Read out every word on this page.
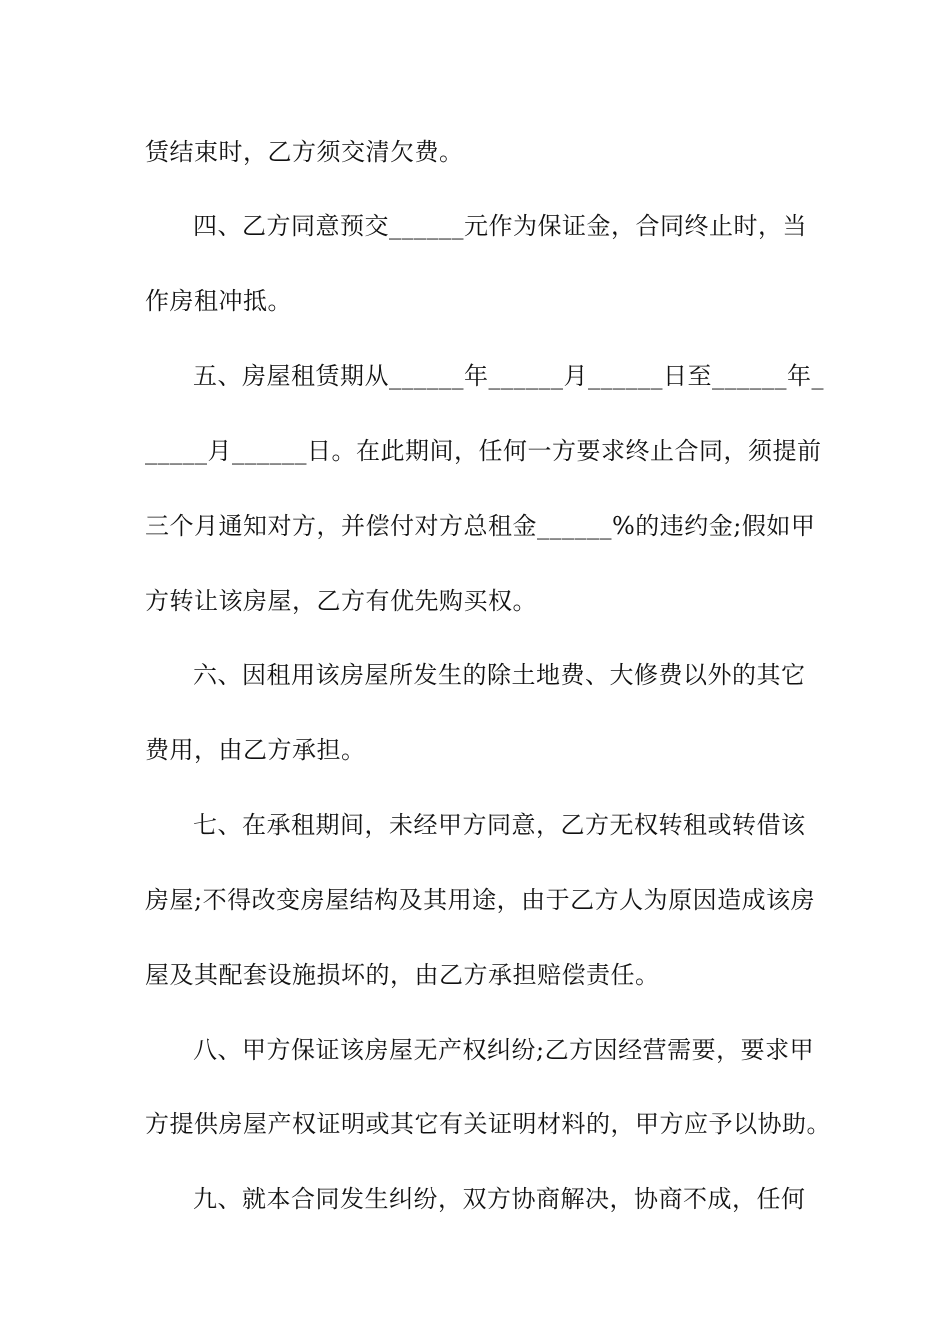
赁结束时，乙方须交清欠费。
四、乙方同意预交______元作为保证金，合同终止时，当
作房租冲抵。
五、房屋租赁期从______年______月______日至______年_
_____月______日。在此期间，任何一方要求终止合同，须提前
三个月通知对方，并偿付对方总租金______%的违约金;假如甲
方转让该房屋，乙方有优先购买权。
六、因租用该房屋所发生的除土地费、大修费以外的其它
费用，由乙方承担。
七、在承租期间，未经甲方同意，乙方无权转租或转借该
房屋;不得改变房屋结构及其用途，由于乙方人为原因造成该房
屋及其配套设施损坏的，由乙方承担赔偿责任。
八、甲方保证该房屋无产权纠纷;乙方因经营需要，要求甲
方提供房屋产权证明或其它有关证明材料的，甲方应予以协助。
九、就本合同发生纠纷，双方协商解决，协商不成，任何
